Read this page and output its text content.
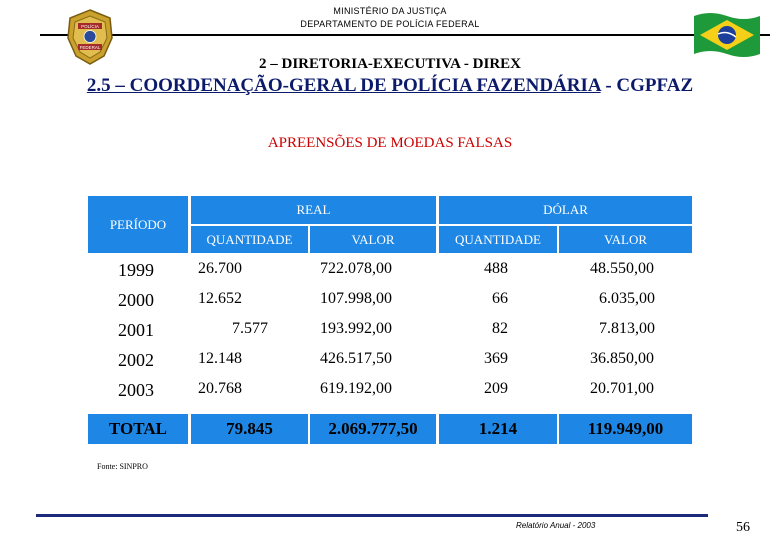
MINISTÉRIO DA JUSTIÇA
DEPARTAMENTO DE POLÍCIA FEDERAL
POLÍCIA
FEDERAL
2 – DIRETORIA-EXECUTIVA - DIREX
2.5 – COORDENAÇÃO-GERAL DE POLÍCIA FAZENDÁRIA - CGPFAZ
APREENSÕES DE MOEDAS FALSAS
PERÍODO
REAL	DÓLAR
QUANTIDADE	VALOR	QUANTIDADE	VALOR
1999	26.700	722.078,00	488	48.550,00
2000	12.652	107.998,00	66	6.035,00
2001	7.577	193.992,00	82	7.813,00
2002	12.148	426.517,50	369	36.850,00
2003	20.768	619.192,00	209	20.701,00
TOTAL	79.845	2.069.777,50	1.214	119.949,00
Fonte: SINPRO
Relatório Anual - 2003	56
